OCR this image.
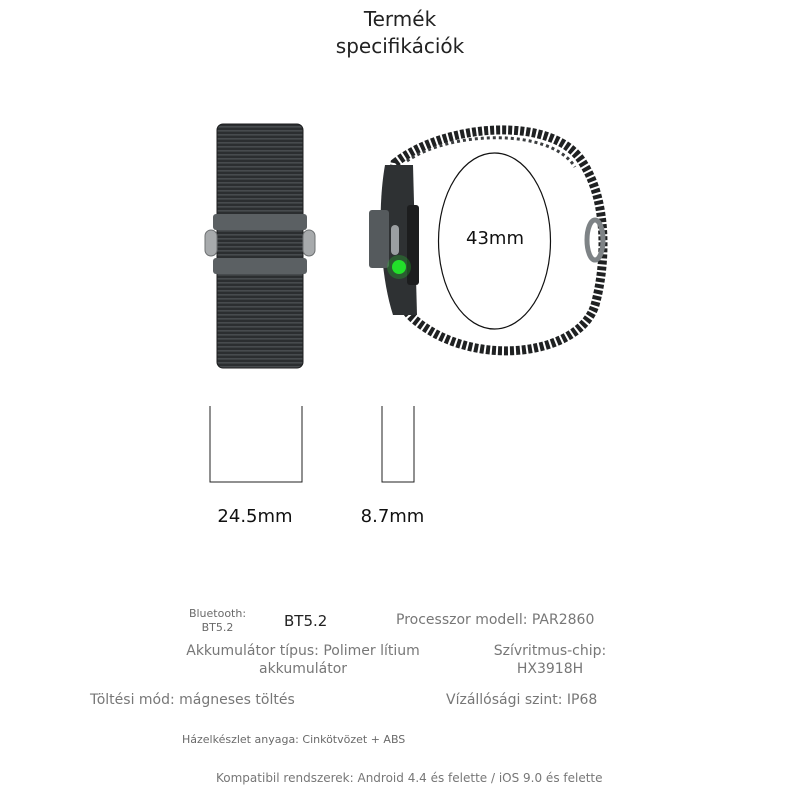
Termék
specifikációk
43mm
24.5mm	8.7mm
Bluetooth:
BT5.2	BT5.2	Processzor modell: PAR2860
Akkumulátor típus: Polimer lítium
akkumulátor
Szívritmus-chip:
HX3918H
Töltési mód: mágneses töltés	Vízállósági szint: IP68
Házelkészlet anyaga: Cinkötvözet + ABS
Kompatibil rendszerek: Android 4.4 és felette / iOS 9.0 és felette
